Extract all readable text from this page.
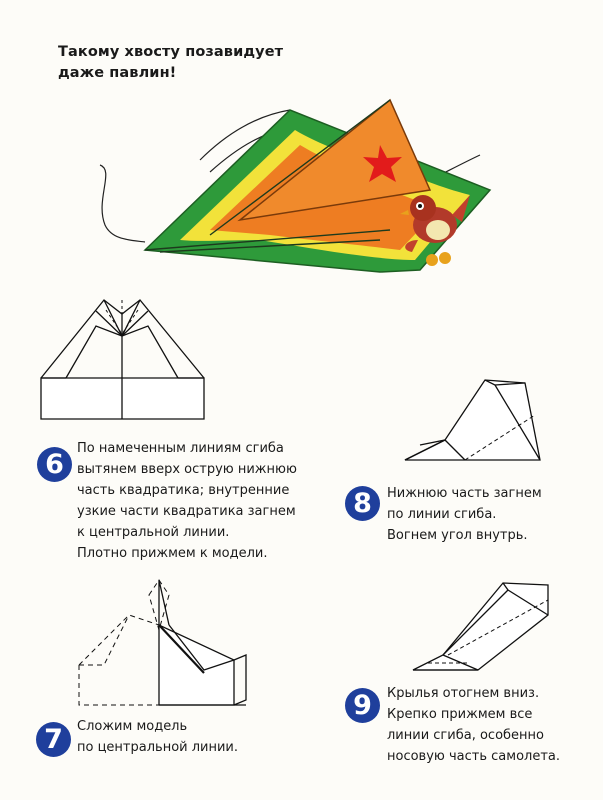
Такому хвосту позавидует
даже павлин!
6
По намеченным линиям сгиба
вытянем вверх острую нижнюю
часть квадратика; внутренние
узкие части квадратика загнем
к центральной линии.
Плотно прижмем к модели.
8	Нижнюю часть загнем
по линии сгиба.
Вогнем угол внутрь.
7	Сложим модель
по центральной линии.
9	Крылья отогнем вниз.
Крепко прижмем все
линии сгиба, особенно
носовую часть самолета.
